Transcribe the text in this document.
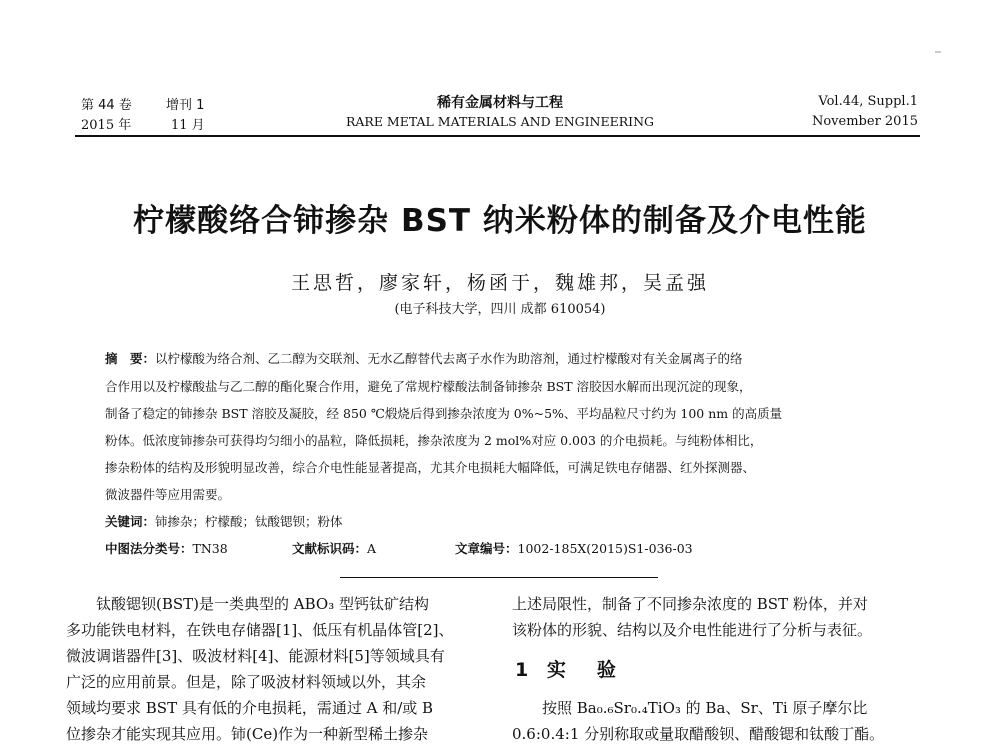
第 44 卷	增刊 1
2015 年	11 月
稀有金属材料与工程
RARE METAL MATERIALS AND ENGINEERING
Vol.44, Suppl.1
November 2015
柠檬酸络合铈掺杂 BST 纳米粉体的制备及介电性能
王思哲，廖家轩，杨函于，魏雄邦，吴孟强
(电子科技大学，四川 成都 610054)
摘　要：以柠檬酸为络合剂、乙二醇为交联剂、无水乙醇替代去离子水作为助溶剂，通过柠檬酸对有关金属离子的络
合作用以及柠檬酸盐与乙二醇的酯化聚合作用，避免了常规柠檬酸法制备铈掺杂 BST 溶胶因水解而出现沉淀的现象，
制备了稳定的铈掺杂 BST 溶胶及凝胶，经 850 ℃煅烧后得到掺杂浓度为 0%~5%、平均晶粒尺寸约为 100 nm 的高质量
粉体。低浓度铈掺杂可获得均匀细小的晶粒，降低损耗，掺杂浓度为 2 mol%对应 0.003 的介电损耗。与纯粉体相比，
掺杂粉体的结构及形貌明显改善，综合介电性能显著提高，尤其介电损耗大幅降低，可满足铁电存储器、红外探测器、
微波器件等应用需要。
关键词：铈掺杂；柠檬酸；钛酸锶钡；粉体
中图法分类号：TN38	文献标识码：A	文章编号：1002-185X(2015)S1-036-03
钛酸锶钡(BST)是一类典型的 ABO₃ 型钙钛矿结构
多功能铁电材料，在铁电存储器[1]、低压有机晶体管[2]、
微波调谐器件[3]、吸波材料[4]、能源材料[5]等领域具有
广泛的应用前景。但是，除了吸波材料领域以外，其余
领域均要求 BST 具有低的介电损耗，需通过 A 和/或 B
位掺杂才能实现其应用。铈(Ce)作为一种新型稀土掺杂
上述局限性，制备了不同掺杂浓度的 BST 粉体，并对
该粉体的形貌、结构以及介电性能进行了分析与表征。
1 实　验
按照 Ba₀.₆Sr₀.₄TiO₃ 的 Ba、Sr、Ti 原子摩尔比
0.6:0.4:1 分别称取或量取醋酸钡、醋酸锶和钛酸丁酯。
